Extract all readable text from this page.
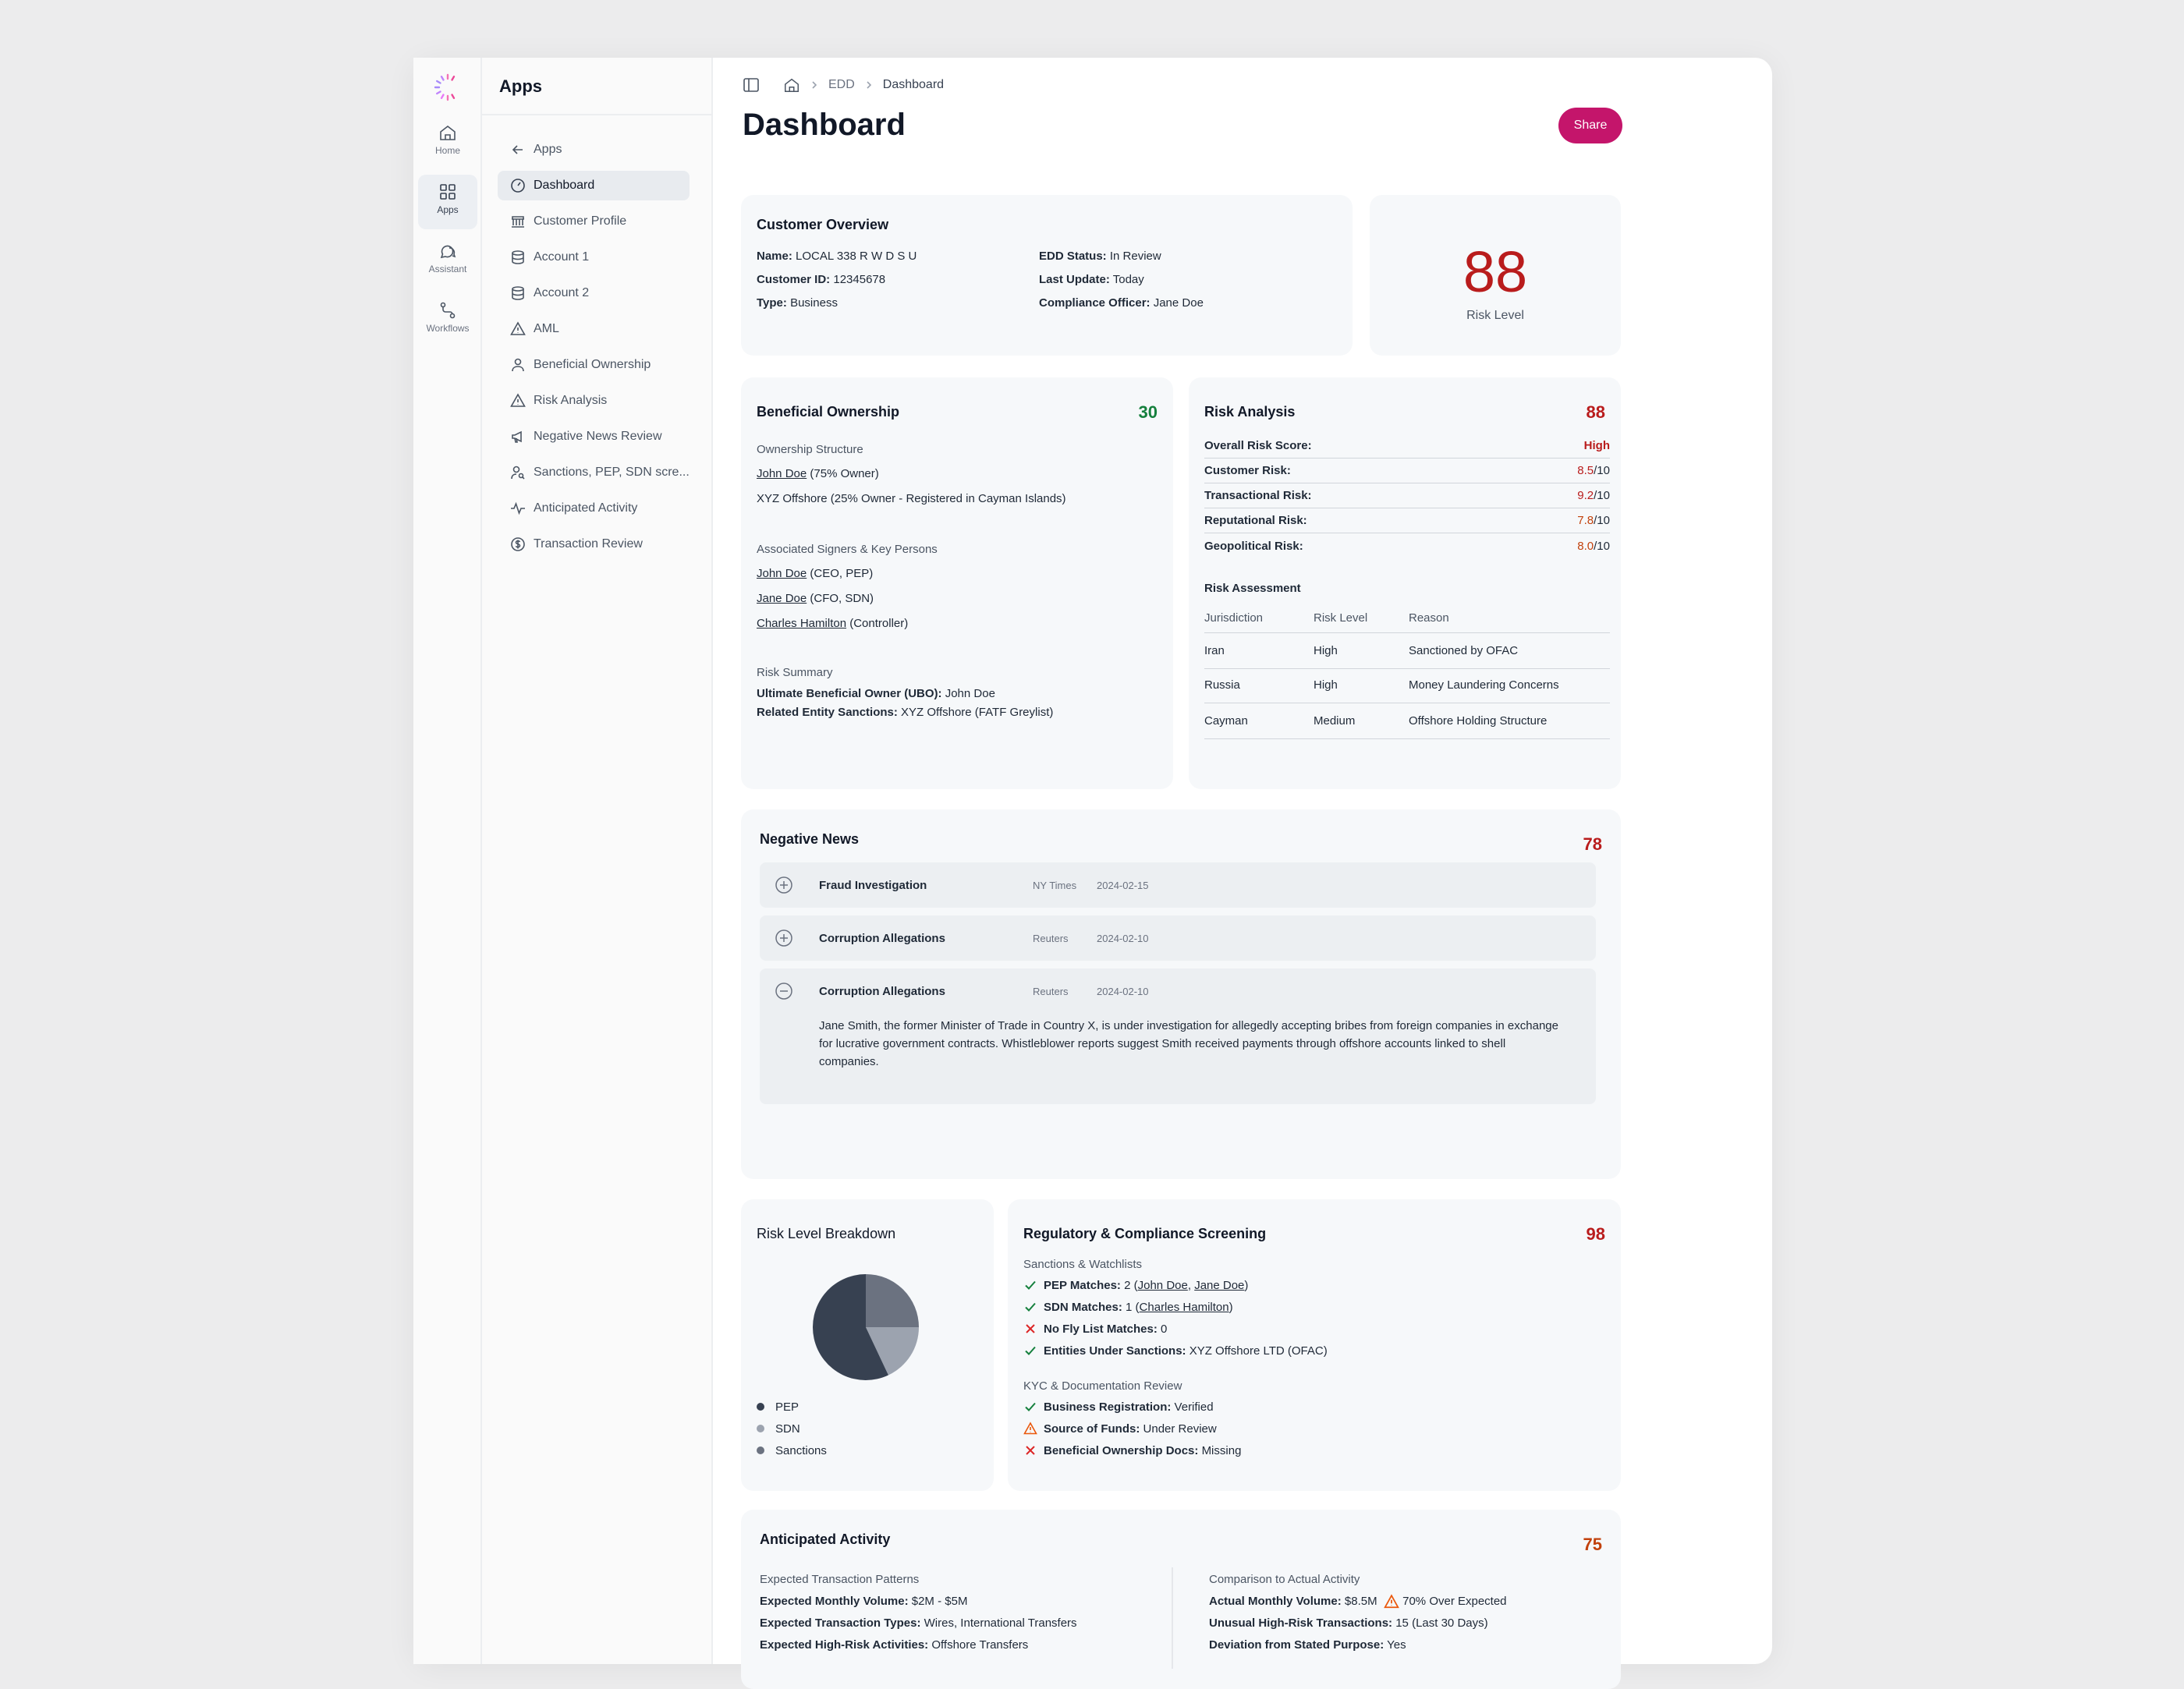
Home
Apps
Assistant
Workflows
Apps
Apps
Dashboard
Customer Profile
Account 1
Account 2
AML
Beneficial Ownership
Risk Analysis
Negative News Review
Sanctions, PEP, SDN scre...
Anticipated Activity
Transaction Review
EDD Dashboard
Dashboard	Share
Customer Overview
Name: LOCAL 338 R W D S U
Customer ID: 12345678
Type: Business
EDD Status: In Review
Last Update: Today
Compliance Officer: Jane Doe	88
Risk Level
Beneficial Ownership	30
Ownership Structure
John Doe (75% Owner)
XYZ Offshore (25% Owner - Registered in Cayman Islands)
Associated Signers & Key Persons
John Doe (CEO, PEP)
Jane Doe (CFO, SDN)
Charles Hamilton (Controller)
Risk Summary
Ultimate Beneficial Owner (UBO): John Doe
Related Entity Sanctions: XYZ Offshore (FATF Greylist)
Risk Analysis	88
Overall Risk Score:	High
Customer Risk:	8.5/10
Transactional Risk:	9.2/10
Reputational Risk:	7.8/10
Geopolitical Risk:	8.0/10
Risk Assessment
Jurisdiction	Risk Level	Reason
Iran	High	Sanctioned by OFAC
Russia	High	Money Laundering Concerns
Cayman	Medium	Offshore Holding Structure
Negative News	78
Fraud Investigation	NY Times 2024-02-15
Corruption Allegations	Reuters	2024-02-10
Corruption Allegations	Reuters	2024-02-10
Jane Smith, the former Minister of Trade in Country X, is under investigation for allegedly accepting bribes from foreign companies in exchange for lucrative government contracts. Whistleblower reports suggest Smith received payments through offshore accounts linked to shell companies.
Risk Level Breakdown
PEP
SDN
Sanctions
Regulatory & Compliance Screening	98
Sanctions & Watchlists
PEP Matches:
2 ( John Doe , Jane Doe )
SDN Matches:
1 ( Charles Hamilton )
No Fly List Matches:
0
Entities Under Sanctions:
XYZ Offshore LTD (OFAC)
KYC & Documentation Review
Business Registration:
Verified
Source of Funds:
Under Review
Beneficial Ownership Docs:
Missing
Anticipated Activity	75
Expected Transaction Patterns
Expected Monthly Volume: $2M - $5M
Expected Transaction Types: Wires, International Transfers
Expected High-Risk Activities: Offshore Transfers
Comparison to Actual Activity
Actual Monthly Volume:
$8.5M

70% Over Expected
Unusual High-Risk Transactions: 15 (Last 30 Days)
Deviation from Stated Purpose: Yes
